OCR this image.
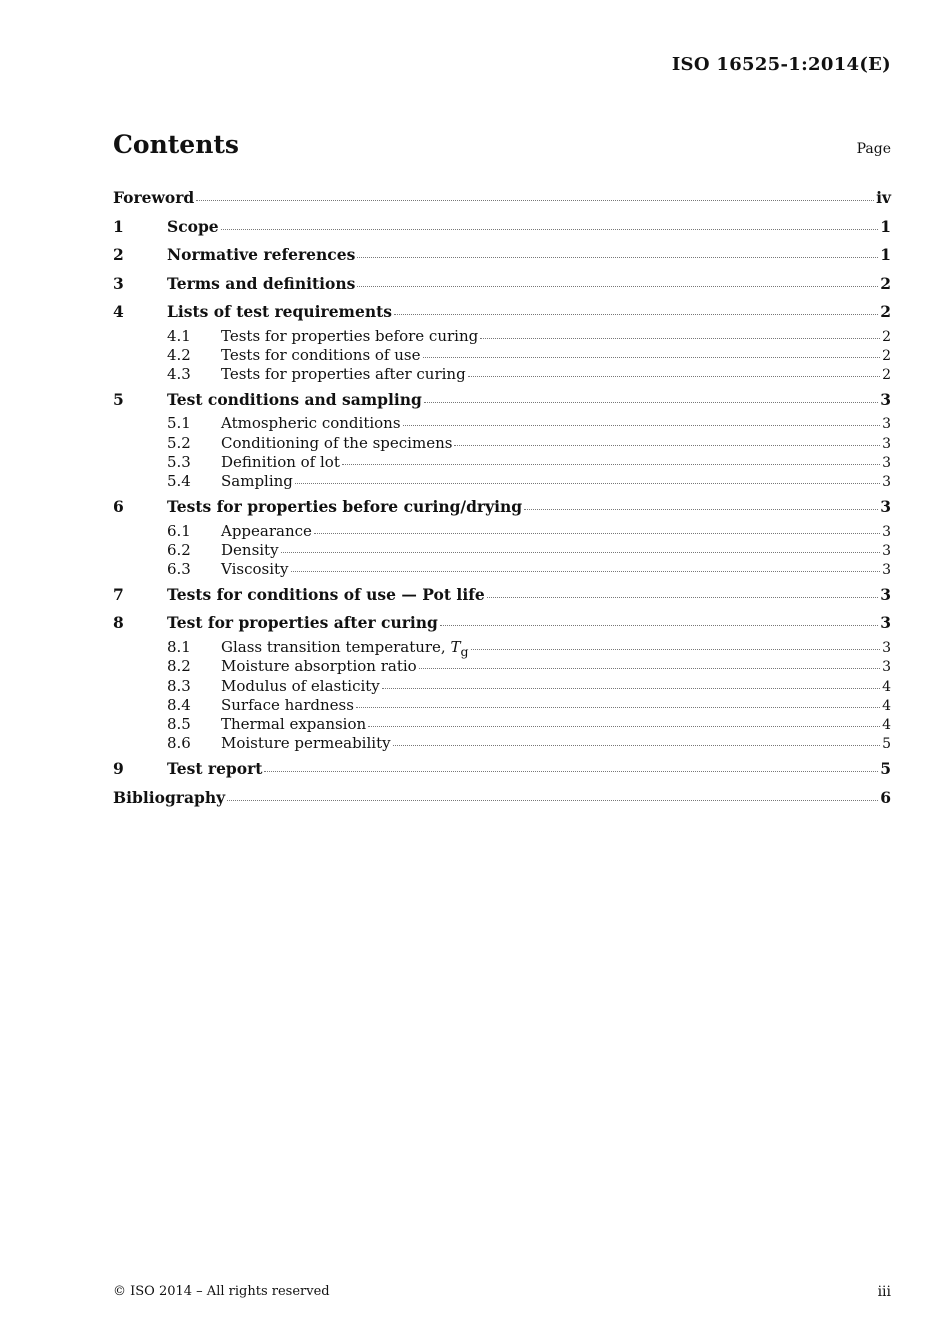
ISO 16525-1:2014(E)
Contents	Page
Foreword	iv
1	Scope	1
2	Normative references	1
3	Terms and definitions	2
4	Lists of test requirements	2
4.1	Tests for properties before curing	2
4.2	Tests for conditions of use	2
4.3	Tests for properties after curing	2
5	Test conditions and sampling	3
5.1	Atmospheric conditions	3
5.2	Conditioning of the specimens	3
5.3	Definition of lot	3
5.4	Sampling	3
6	Tests for properties before curing/drying	3
6.1	Appearance	3
6.2	Density	3
6.3	Viscosity	3
7	Tests for conditions of use — Pot life	3
8	Test for properties after curing	3
8.1	Glass transition temperature, $T_g$	3
8.2	Moisture absorption ratio	3
8.3	Modulus of elasticity	4
8.4	Surface hardness	4
8.5	Thermal expansion	4
8.6	Moisture permeability	5
9	Test report	5
Bibliography	6
© ISO 2014 – All rights reserved	iii
